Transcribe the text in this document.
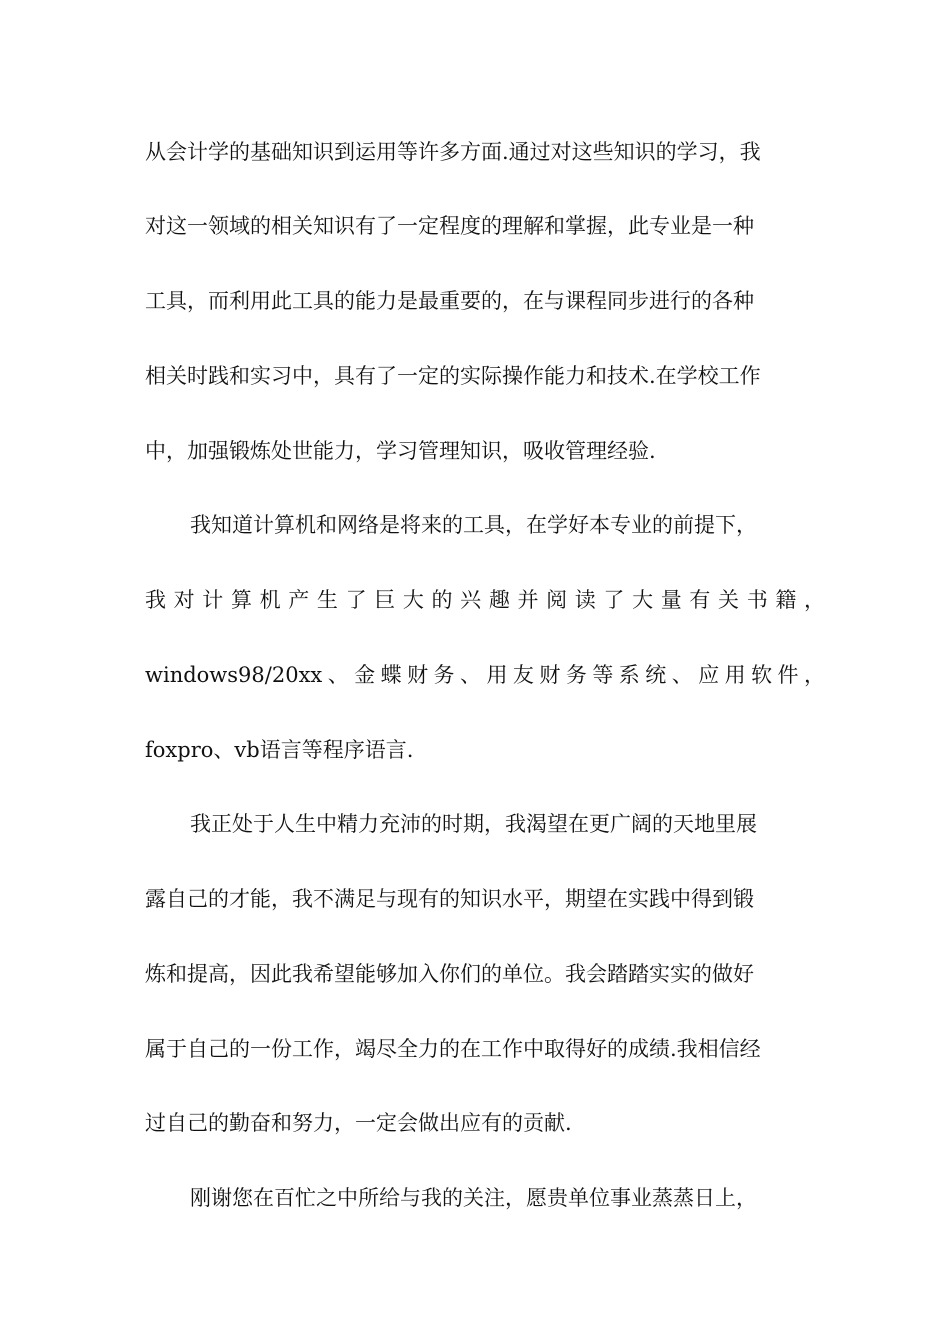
从会计学的基础知识到运用等许多方面.通过对这些知识的学习，我
对这一领域的相关知识有了一定程度的理解和掌握，此专业是一种
工具，而利用此工具的能力是最重要的，在与课程同步进行的各种
相关时践和实习中，具有了一定的实际操作能力和技术.在学校工作
中，加强锻炼处世能力，学习管理知识，吸收管理经验.
我知道计算机和网络是将来的工具，在学好本专业的前提下，
我对计算机产生了巨大的兴趣并阅读了大量有关书籍，
windows98/20xx、金蝶财务、用友财务等系统、应用软件，
foxpro、vb语言等程序语言.
我正处于人生中精力充沛的时期，我渴望在更广阔的天地里展
露自己的才能，我不满足与现有的知识水平，期望在实践中得到锻
炼和提高，因此我希望能够加入你们的单位。我会踏踏实实的做好
属于自己的一份工作，竭尽全力的在工作中取得好的成绩.我相信经
过自己的勤奋和努力，一定会做出应有的贡献.
刚谢您在百忙之中所给与我的关注，愿贵单位事业蒸蒸日上，
